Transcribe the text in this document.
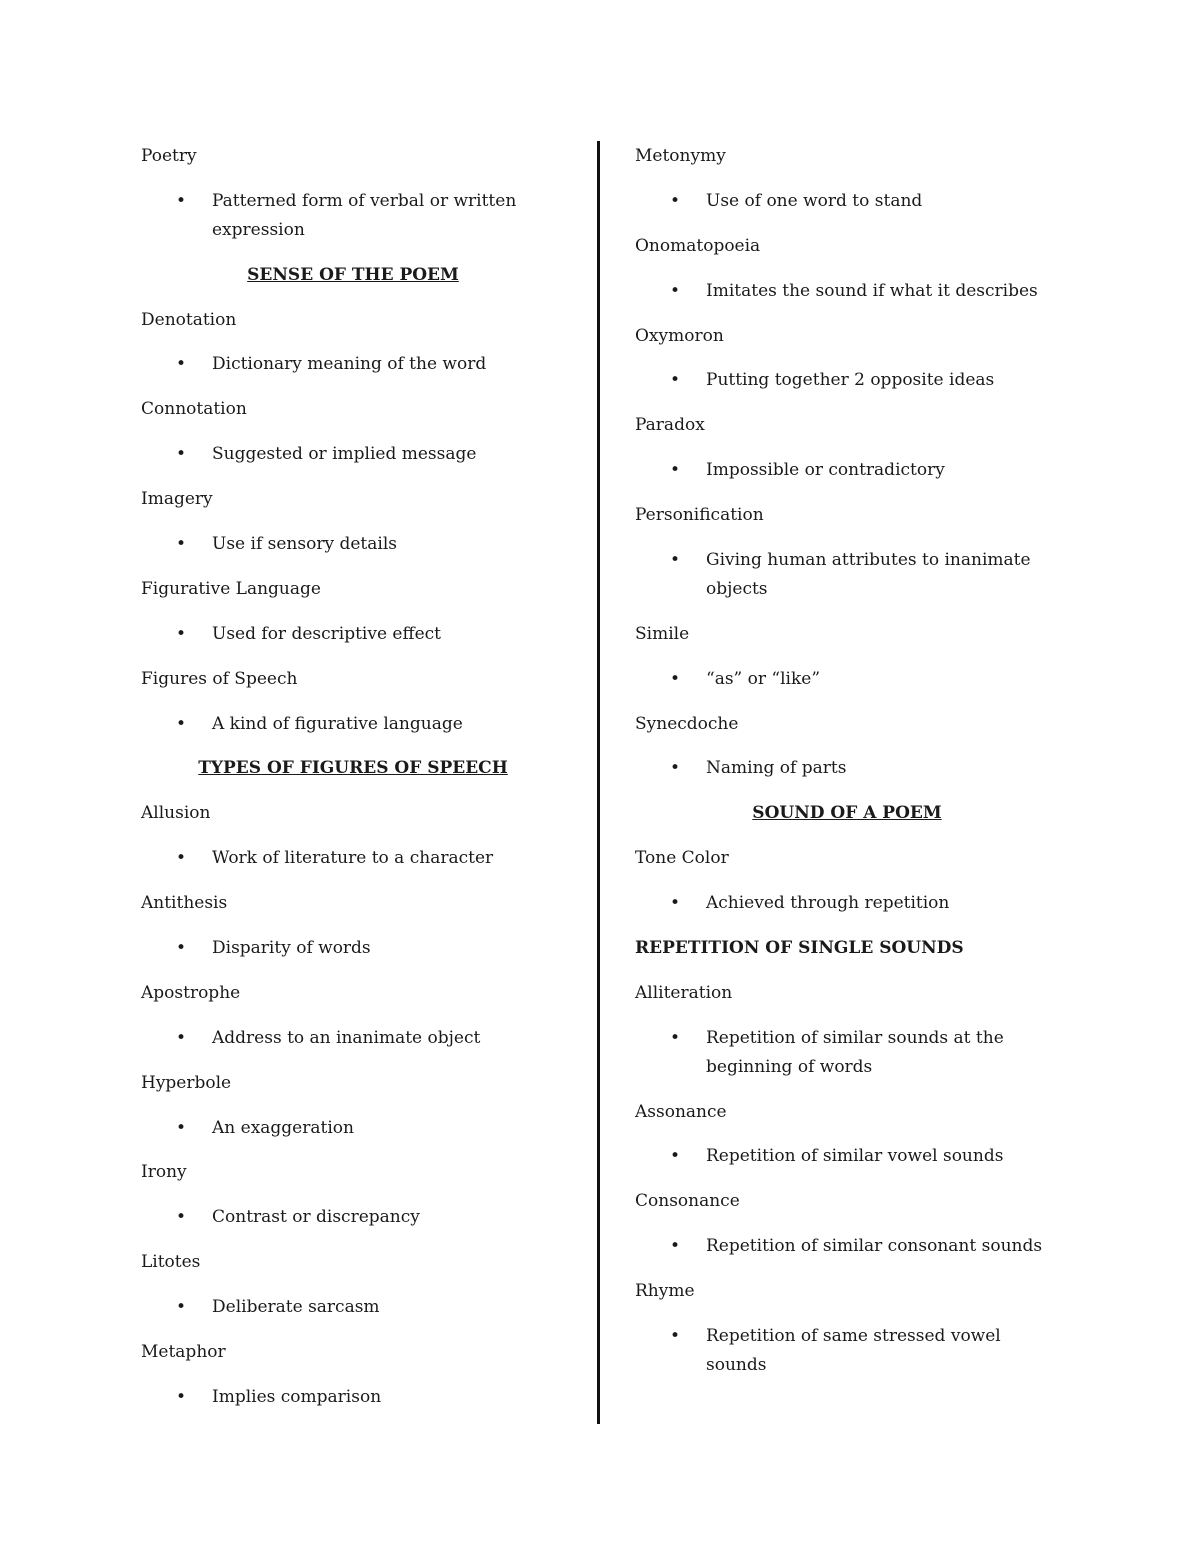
Poetry

• Patterned form of verbal or written expression

SENSE OF THE POEM

Denotation

• Dictionary meaning of the word

Connotation

• Suggested or implied message

Imagery

• Use if sensory details

Figurative Language

• Used for descriptive effect

Figures of Speech

• A kind of figurative language

TYPES OF FIGURES OF SPEECH

Allusion

• Work of literature to a character

Antithesis

• Disparity of words

Apostrophe

• Address to an inanimate object

Hyperbole

• An exaggeration

Irony

• Contrast or discrepancy

Litotes

• Deliberate sarcasm

Metaphor

• Implies comparison

Metonymy

• Use of one word to stand

Onomatopoeia

• Imitates the sound if what it describes

Oxymoron

• Putting together 2 opposite ideas

Paradox

• Impossible or contradictory

Personification

• Giving human attributes to inanimate objects

Simile

• “as” or “like”

Synecdoche

• Naming of parts

SOUND OF A POEM

Tone Color

• Achieved through repetition

REPETITION OF SINGLE SOUNDS

Alliteration

• Repetition of similar sounds at the beginning of words

Assonance

• Repetition of similar vowel sounds

Consonance

• Repetition of similar consonant sounds

Rhyme

• Repetition of same stressed vowel sounds
